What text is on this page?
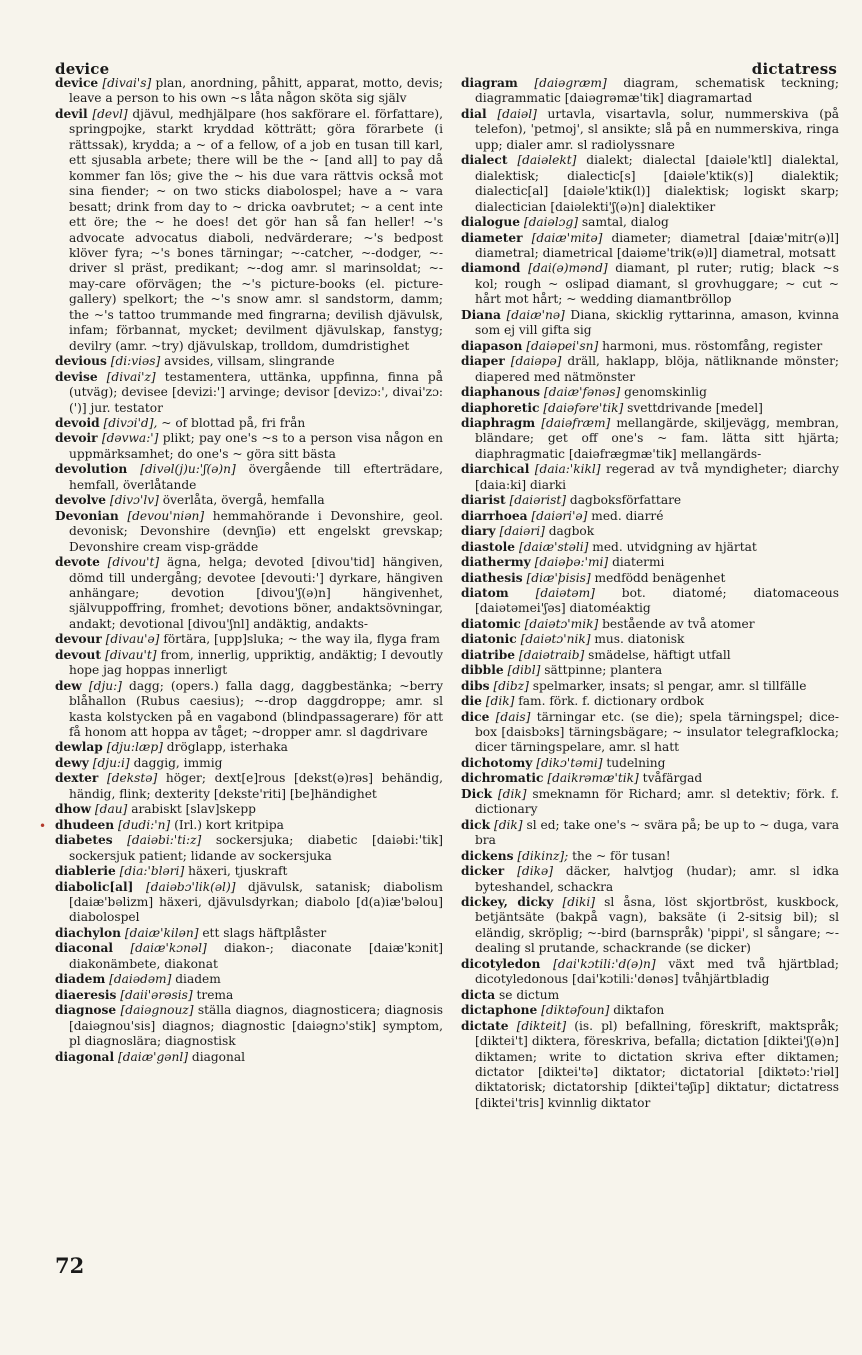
device	dictatress

device [divai's] plan, anordning, påhitt, apparat, motto, devis; leave a person to his own ~s låta någon sköta sig själv

devil [devl] djävul, medhjälpare (hos sakförare el. författare), springpojke, starkt kryddad kötträtt; göra förarbete (i rättssak), krydda; a ~ of a fellow, of a job en tusan till karl, ett sjusabla arbete; there will be the ~ [and all] to pay då kommer fan lös; give the ~ his due vara rättvis också mot sina fiender; ~ on two sticks diabolospel; have a ~ vara besatt; drink from day to ~ dricka oavbrutet; ~ a cent inte ett öre; the ~ he does! det gör han så fan heller! ~'s advocate advocatus diaboli, nedvärderare; ~'s bedpost klöver fyra; ~'s bones tärningar; ~-catcher, ~-dodger, ~-driver sl präst, predikant; ~-dog amr. sl marinsoldat; ~-may-care oförvägen; the ~'s picture-books (el. picture-gallery) spelkort; the ~'s snow amr. sl sandstorm, damm; the ~'s tattoo trummande med fingrarna; devilish djävulsk, infam; förbannat, mycket; devilment djävulskap, fanstyg; devilry (amr. ~try) djävulskap, trolldom, dumdristighet

devious [di:viəs] avsides, villsam, slingrande

devise [divai'z] testamentera, uttänka, uppfinna, finna på (utväg); devisee [devizi:'] arvinge; devisor [devizɔ:', divai'zɔ:(')] jur. testator

devoid [divɔi'd], ~ of blottad på, fri från

devoir [dəvwa:'] plikt; pay one's ~s to a person visa någon en uppmärksamhet; do one's ~ göra sitt bästa

devolution [divəl(j)u:'ʃ(ə)n] övergående till efterträdare, hemfall, överlåtande

devolve [divɔ'lv] överlåta, övergå, hemfalla

Devonian [devou'niən] hemmahörande i Devonshire, geol. devonisk; Devonshire (devnʃiə) ett engelskt grevskap; Devonshire cream visp-grädde

devote [divou't] ägna, helga; devoted [divou'tid] hängiven, dömd till undergång; devotee [devouti:'] dyrkare, hängiven anhängare; devotion [divou'ʃ(ə)n] hängivenhet, självuppoffring, fromhet; devotions böner, andaktsövningar, andakt; devotional [divou'ʃnl] andäktig, andakts-

devour [divau'ə] förtära, [upp]sluka; ~ the way ila, flyga fram

devout [divau't] from, innerlig, uppriktig, andäktig; I devoutly hope jag hoppas innerligt

dew [dju:] dagg; (opers.) falla dagg, daggbestänka; ~berry blåhallon (Rubus caesius); ~-drop daggdroppe; amr. sl kasta kolstycken på en vagabond (blindpassagerare) för att få honom att hoppa av tåget; ~dropper amr. sl dagdrivare

dewlap [dju:læp] dröglapp, isterhaka

dewy [dju:i] daggig, immig

dexter [dekstə] höger; dext[e]rous [dekst(ə)rəs] behändig, händig, flink; dexterity [dekste'riti] [be]händighet

dhow [dau] arabiskt [slav]skepp

dhudeen [dudi:'n] (Irl.) kort kritpipa

diabetes [daiəbi:'ti:z] sockersjuka; diabetic [daiəbi:'tik] sockersjuk patient; lidande av sockersjuka

diablerie [dia:'bləri] häxeri, tjuskraft

diabolic[al] [daiəbɔ'lik(əl)] djävulsk, satanisk; diabolism [daiæ'bəlizm] häxeri, djävulsdyrkan; diabolo [d(a)iæ'bəlou] diabolospel

diachylon [daiæ'kilən] ett slags häftplåster

diaconal [daiæ'kɔnəl] diakon-; diaconate [daiæ'kɔnit] diakonämbete, diakonat

diadem [daiədəm] diadem

diaeresis [daii'ərəsis] trema

diagnose [daiəgnouz] ställa diagnos, diagnosticera; diagnosis [daiəgnou'sis] diagnos; diagnostic [daiəgnɔ'stik] symptom, pl diagnoslära; diagnostisk

diagonal [daiæ'gənl] diagonal

diagram [daiəgræm] diagram, schematisk teckning; diagrammatic [daiəgrəmæ'tik] diagramartad

dial [daiəl] urtavla, visartavla, solur, nummerskiva (på telefon), 'petmoj', sl ansikte; slå på en nummerskiva, ringa upp; dialer amr. sl radiolyssnare

dialect [daiəlekt] dialekt; dialectal [daiəle'ktl] dialektal, dialektisk; dialectic[s] [daiəle'ktik(s)] dialektik; dialectic[al] [daiəle'ktik(l)] dialektisk; logiskt skarp; dialectician [daiəlekti'ʃ(ə)n] dialektiker

dialogue [daiəlɔg] samtal, dialog

diameter [daiæ'mitə] diameter; diametral [daiæ'mitr(ə)l] diametral; diametrical [daiəme'trik(ə)l] diametral, motsatt

diamond [dai(ə)mənd] diamant, pl ruter; rutig; black ~s kol; rough ~ oslipad diamant, sl grovhuggare; ~ cut ~ hårt mot hårt; ~ wedding diamantbröllop

Diana [daiæ'nə] Diana, skicklig ryttarinna, amason, kvinna som ej vill gifta sig

diapason [daiəpei'sn] harmoni, mus. röstomfång, register

diaper [daiəpə] dräll, haklapp, blöja, nätliknande mönster; diapered med nätmönster

diaphanous [daiæ'fənəs] genomskinlig

diaphoretic [daiəfəre'tik] svettdrivande [medel]

diaphragm [daiəfræm] mellangärde, skiljevägg, membran, bländare; get off one's ~ fam. lätta sitt hjärta; diaphragmatic [daiəfrægmæ'tik] mellangärds-

diarchical [daia:'kikl] regerad av två myndigheter; diarchy [daia:ki] diarki

diarist [daiərist] dagboksförfattare

diarrhoea [daiəri'ə] med. diarré

diary [daiəri] dagbok

diastole [daiæ'stəli] med. utvidgning av hjärtat

diathermy [daiəþə:'mi] diatermi

diathesis [diæ'þisis] medfödd benägenhet

diatom [daiətəm] bot. diatomé; diatomaceous [daiətəmei'ʃəs] diatoméaktig

diatomic [daiətɔ'mik] bestående av två atomer

diatonic [daiətɔ'nik] mus. diatonisk

diatribe [daiətraib] smädelse, häftigt utfall

dibble [dibl] sättpinne; plantera

dibs [dibz] spelmarker, insats; sl pengar, amr. sl tillfälle

die [dik] fam. förk. f. dictionary ordbok

dice [dais] tärningar etc. (se die); spela tärningspel; dice-box [daisbɔks] tärningsbägare; ~ insulator telegrafklocka; dicer tärningspelare, amr. sl hatt

dichotomy [dikɔ'təmi] tudelning

dichromatic [daikrəmæ'tik] tvåfärgad

Dick [dik] smeknamn för Richard; amr. sl detektiv; förk. f. dictionary

dick [dik] sl ed; take one's ~ svära på; be up to ~ duga, vara bra

dickens [dikinz]; the ~ för tusan!

dicker [dikə] däcker, halvtjog (hudar); amr. sl idka byteshandel, schackra

dickey, dicky [diki] sl åsna, löst skjortbröst, kuskbock, betjäntsäte (bakpå vagn), baksäte (i 2-sitsig bil); sl eländig, skröplig; ~-bird (barnspråk) 'pippi', sl sångare; ~-dealing sl prutande, schackrande (se dicker)

dicotyledon [dai'kɔtili:'d(ə)n] växt med två hjärtblad; dicotyledonous [dai'kɔtili:'dənəs] tvåhjärtbladig

dicta se dictum

dictaphone [diktəfoun] diktafon

dictate [dikteit] (is. pl) befallning, föreskrift, maktspråk; [diktei't] diktera, föreskriva, befalla; dictation [diktei'ʃ(ə)n] diktamen; write to dictation skriva efter diktamen; dictator [diktei'tə] diktator; dictatorial [diktətɔ:'riəl] diktatorisk; dictatorship [diktei'təʃip] diktatur; dictatress [diktei'tris] kvinnlig diktator

•
72
